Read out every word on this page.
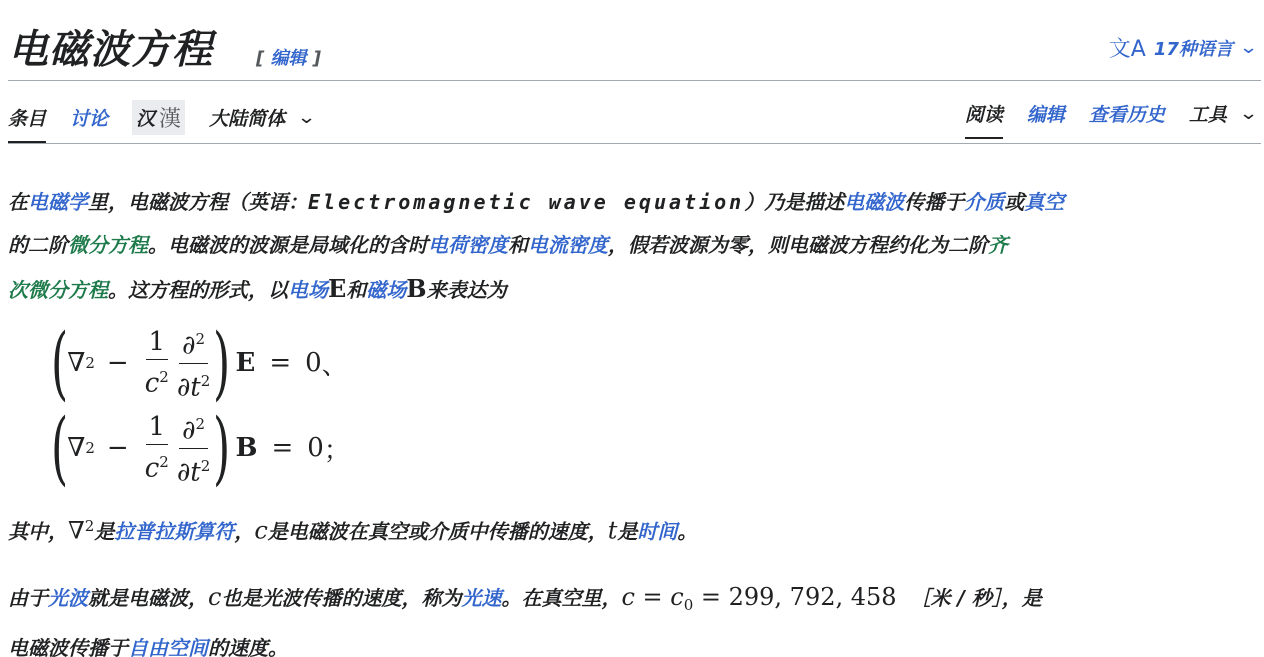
电磁波方程 [ 编辑 ]	文A 17种语言 ⌄
条目 讨论 汉 漢 大陆简体 ⌄	阅读 编辑 查看历史 工具 ⌄
在电磁学里，电磁波方程（英语：Electromagnetic wave equation）乃是描述电磁波传播于介质或真空
的二阶微分方程。电磁波的波源是局域化的含时电荷密度和电流密度，假若波源为零，则电磁波方程约化为二阶齐
次微分方程。这方程的形式，以电场E和磁场B来表达为
( ∇ $2 - \frac{1}{c^2} \frac{\partial^2}{\partial t^2}$ ) E = 0 、
( ∇ $2 - \frac{1}{c^2} \frac{\partial^2}{\partial t^2}$ ) B = 0 ；
其中，∇$^2$是拉普拉斯算符，c是电磁波在真空或介质中传播的速度，t是时间。
由于光波就是电磁波，c也是光波传播的速度，称为光速。在真空里，$c = c_0 = 299$, 792, 458 ［米 / 秒］，是
电磁波传播于自由空间的速度。
